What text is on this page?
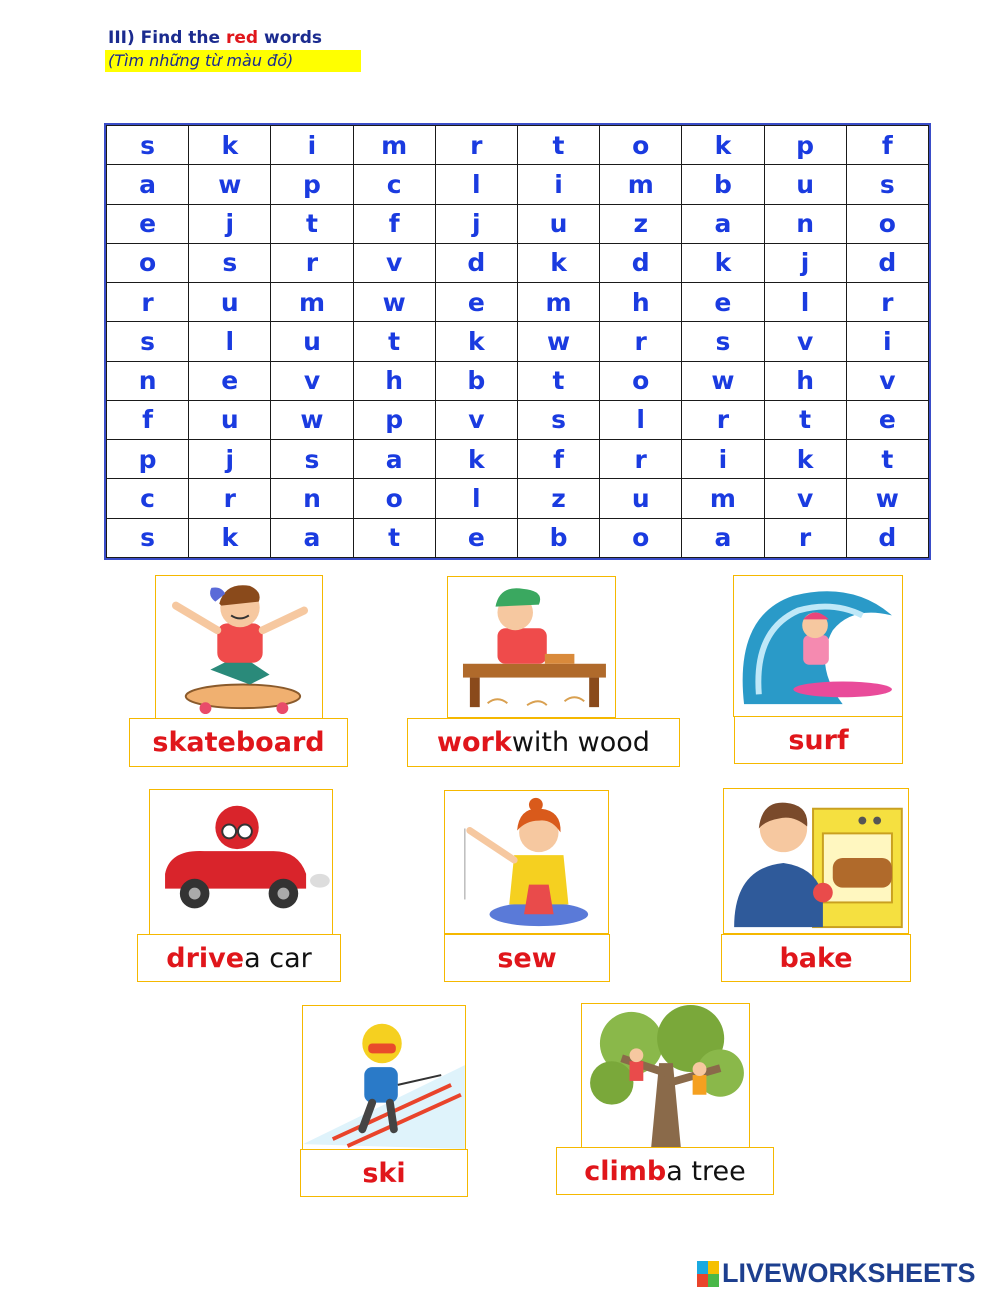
III) Find the red words
(Tìm những từ màu đỏ)
s	k	i	m	r	t	o	k	p	f
a	w	p	c	l	i	m	b	u	s
e	j	t	f	j	u	z	a	n	o
o	s	r	v	d	k	d	k	j	d
r	u	m	w	e	m	h	e	l	r
s	l	u	t	k	w	r	s	v	i
n	e	v	h	b	t	o	w	h	v
f	u	w	p	v	s	l	r	t	e
p	j	s	a	k	f	r	i	k	t
c	r	n	o	l	z	u	m	v	w
s	k	a	t	e	b	o	a	r	d
skateboard	work with wood	surf
drive a car	sew	bake
ski	climb a tree
LIVEWORKSHEETS
